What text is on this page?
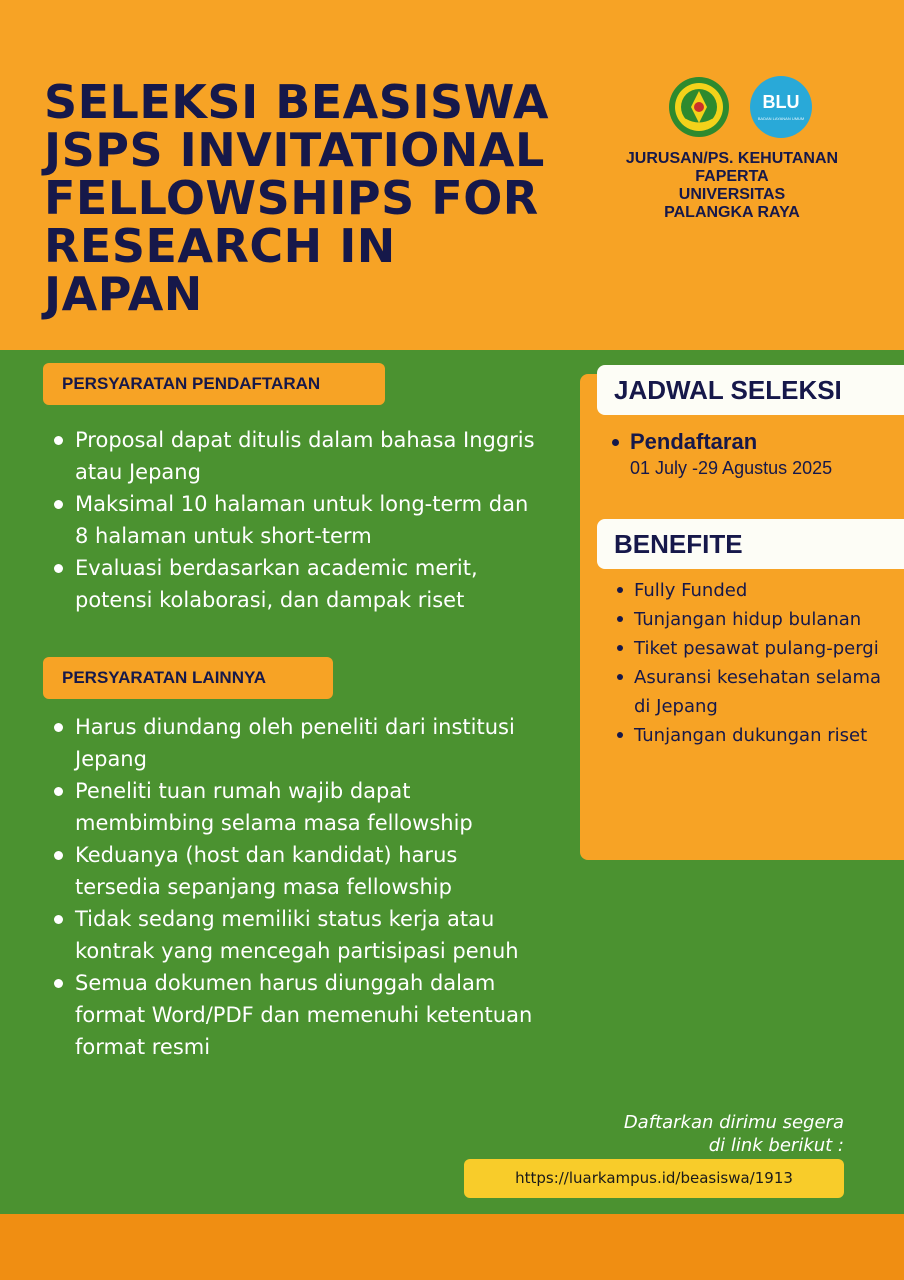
SELEKSI BEASISWA
JSPS INVITATIONAL
FELLOWSHIPS FOR
RESEARCH IN
JAPAN
BLU
BADAN LAYANAN UMUM
JURUSAN/PS. KEHUTANAN
FAPERTA
UNIVERSITAS
PALANGKA RAYA
PERSYARATAN PENDAFTARAN
Proposal dapat ditulis dalam bahasa Inggris atau Jepang
Maksimal 10 halaman untuk long-term dan 8 halaman untuk short-term
Evaluasi berdasarkan academic merit, potensi kolaborasi, dan dampak riset
PERSYARATAN LAINNYA
Harus diundang oleh peneliti dari institusi Jepang
Peneliti tuan rumah wajib dapat membimbing selama masa fellowship
Keduanya (host dan kandidat) harus tersedia sepanjang masa fellowship
Tidak sedang memiliki status kerja atau kontrak yang mencegah partisipasi penuh
Semua dokumen harus diunggah dalam format Word/PDF dan memenuhi ketentuan format resmi
JADWAL SELEKSI
Pendaftaran
01 July -29 Agustus 2025
BENEFITE
Fully Funded
Tunjangan hidup bulanan
Tiket pesawat pulang-pergi
Asuransi kesehatan selama di Jepang
Tunjangan dukungan riset
Daftarkan dirimu segera
di link berikut :
https://luarkampus.id/beasiswa/1913
